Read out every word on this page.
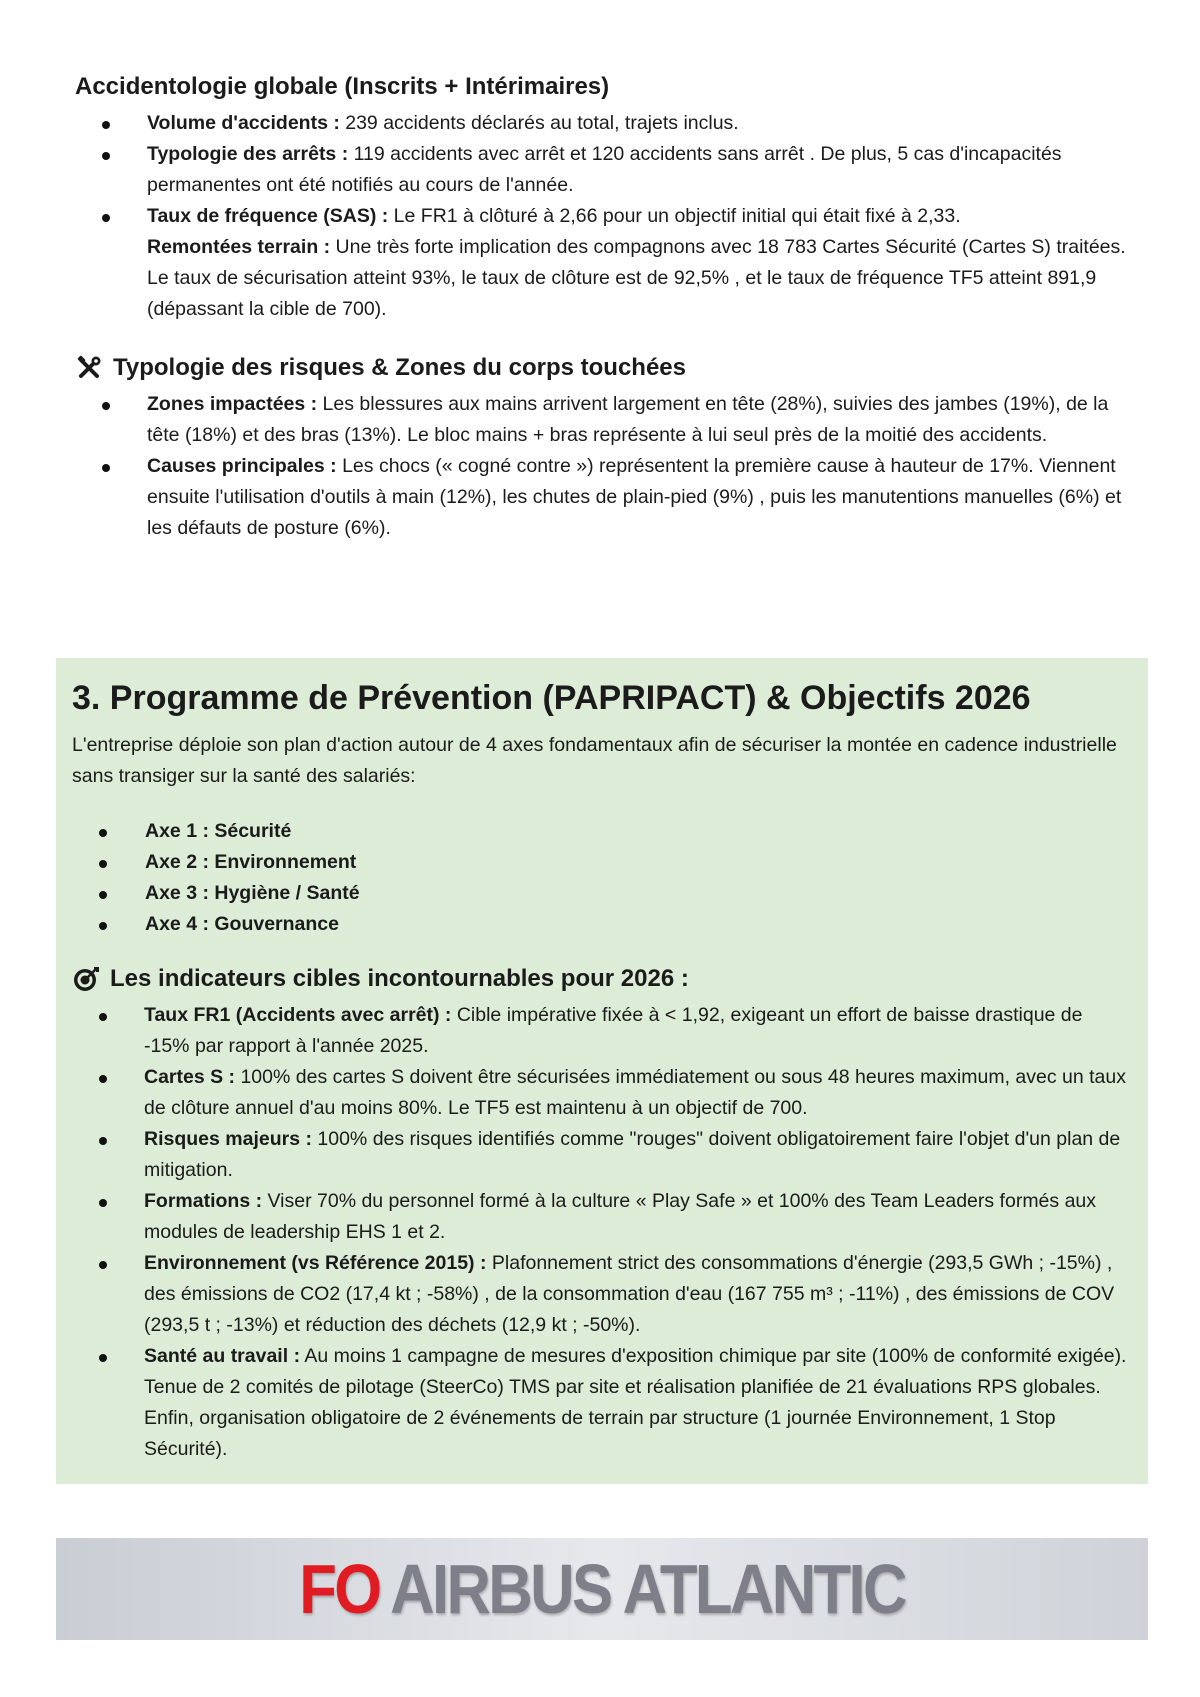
Accidentologie globale (Inscrits + Intérimaires)
Volume d'accidents : 239 accidents déclarés au total, trajets inclus.
Typologie des arrêts : 119 accidents avec arrêt et 120 accidents sans arrêt . De plus, 5 cas d'incapacités permanentes ont été notifiés au cours de l'année.
Taux de fréquence (SAS) : Le FR1 à clôturé à 2,66 pour un objectif initial qui était fixé à 2,33.
Remontées terrain : Une très forte implication des compagnons avec 18 783 Cartes Sécurité (Cartes S) traitées. Le taux de sécurisation atteint 93%, le taux de clôture est de 92,5% , et le taux de fréquence TF5 atteint 891,9 (dépassant la cible de 700).
Typologie des risques & Zones du corps touchées
Zones impactées : Les blessures aux mains arrivent largement en tête (28%), suivies des jambes (19%), de la tête (18%) et des bras (13%). Le bloc mains + bras représente à lui seul près de la moitié des accidents.
Causes principales : Les chocs (« cogné contre ») représentent la première cause à hauteur de 17%. Viennent ensuite l'utilisation d'outils à main (12%), les chutes de plain-pied (9%) , puis les manutentions manuelles (6%) et les défauts de posture (6%).
3. Programme de Prévention (PAPRIPACT) & Objectifs 2026

L'entreprise déploie son plan d'action autour de 4 axes fondamentaux afin de sécuriser la montée en cadence industrielle sans transiger sur la santé des salariés:

Axe 1 : Sécurité
Axe 2 : Environnement
Axe 3 : Hygiène / Santé
Axe 4 : Gouvernance
Les indicateurs cibles incontournables pour 2026 :
Taux FR1 (Accidents avec arrêt) : Cible impérative fixée à < 1,92, exigeant un effort de baisse drastique de -15% par rapport à l'année 2025.
Cartes S : 100% des cartes S doivent être sécurisées immédiatement ou sous 48 heures maximum, avec un taux de clôture annuel d'au moins 80%. Le TF5 est maintenu à un objectif de 700.
Risques majeurs : 100% des risques identifiés comme "rouges" doivent obligatoirement faire l'objet d'un plan de mitigation.
Formations : Viser 70% du personnel formé à la culture « Play Safe » et 100% des Team Leaders formés aux modules de leadership EHS 1 et 2.
Environnement (vs Référence 2015) : Plafonnement strict des consommations d'énergie (293,5 GWh ; -15%) , des émissions de CO2 (17,4 kt ; -58%) , de la consommation d'eau (167 755 m³ ; -11%) , des émissions de COV (293,5 t ; -13%) et réduction des déchets (12,9 kt ; -50%).
Santé au travail : Au moins 1 campagne de mesures d'exposition chimique par site (100% de conformité exigée). Tenue de 2 comités de pilotage (SteerCo) TMS par site et réalisation planifiée de 21 évaluations RPS globales. Enfin, organisation obligatoire de 2 événements de terrain par structure (1 journée Environnement, 1 Stop Sécurité).
FO AIRBUS ATLANTIC
